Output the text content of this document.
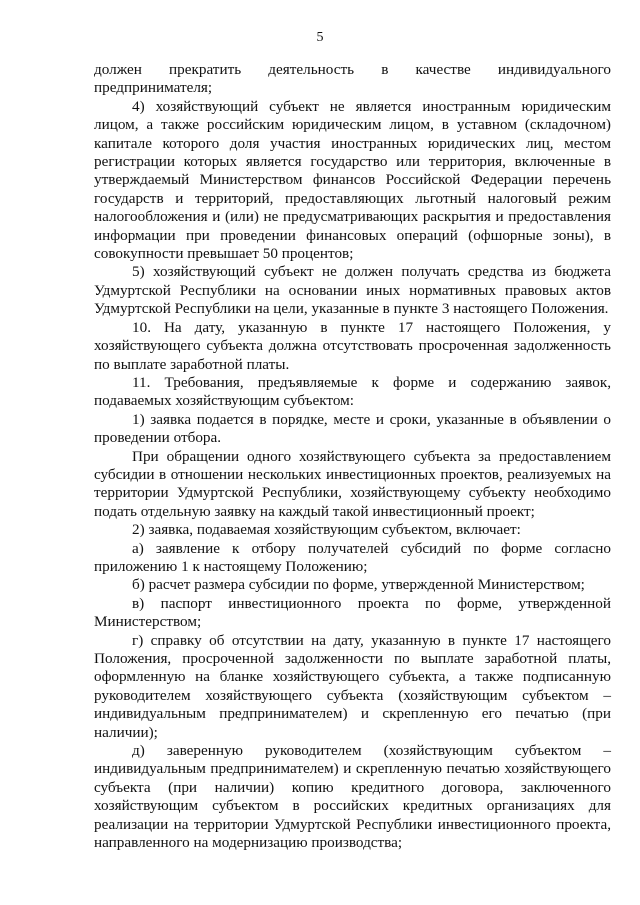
5

должен прекратить деятельность в качестве индивидуального предпринимателя;

4) хозяйствующий субъект не является иностранным юридическим лицом, а также российским юридическим лицом, в уставном (складочном) капитале которого доля участия иностранных юридических лиц, местом регистрации которых является государство или территория, включенные в утверждаемый Министерством финансов Российской Федерации перечень государств и территорий, предоставляющих льготный налоговый режим налогообложения и (или) не предусматривающих раскрытия и предоставления информации при проведении финансовых операций (офшорные зоны), в совокупности превышает 50 процентов;

5) хозяйствующий субъект не должен получать средства из бюджета Удмуртской Республики на основании иных нормативных правовых актов Удмуртской Республики на цели, указанные в пункте 3 настоящего Положения.

10. На дату, указанную в пункте 17 настоящего Положения, у хозяйствующего субъекта должна отсутствовать просроченная задолженность по выплате заработной платы.

11. Требования, предъявляемые к форме и содержанию заявок, подаваемых хозяйствующим субъектом:

1) заявка подается в порядке, месте и сроки, указанные в объявлении о проведении отбора.

При обращении одного хозяйствующего субъекта за предоставлением субсидии в отношении нескольких инвестиционных проектов, реализуемых на территории Удмуртской Республики, хозяйствующему субъекту необходимо подать отдельную заявку на каждый такой инвестиционный проект;

2) заявка, подаваемая хозяйствующим субъектом, включает:

а) заявление к отбору получателей субсидий по форме согласно приложению 1 к настоящему Положению;

б) расчет размера субсидии по форме, утвержденной Министерством;

в) паспорт инвестиционного проекта по форме, утвержденной Министерством;

г) справку об отсутствии на дату, указанную в пункте 17 настоящего Положения, просроченной задолженности по выплате заработной платы, оформленную на бланке хозяйствующего субъекта, а также подписанную руководителем хозяйствующего субъекта (хозяйствующим субъектом – индивидуальным предпринимателем) и скрепленную его печатью (при наличии);

д) заверенную руководителем (хозяйствующим субъектом – индивидуальным предпринимателем) и скрепленную печатью хозяйствующего субъекта (при наличии) копию кредитного договора, заключенного хозяйствующим субъектом в российских кредитных организациях для реализации на территории Удмуртской Республики инвестиционного проекта, направленного на модернизацию производства;
